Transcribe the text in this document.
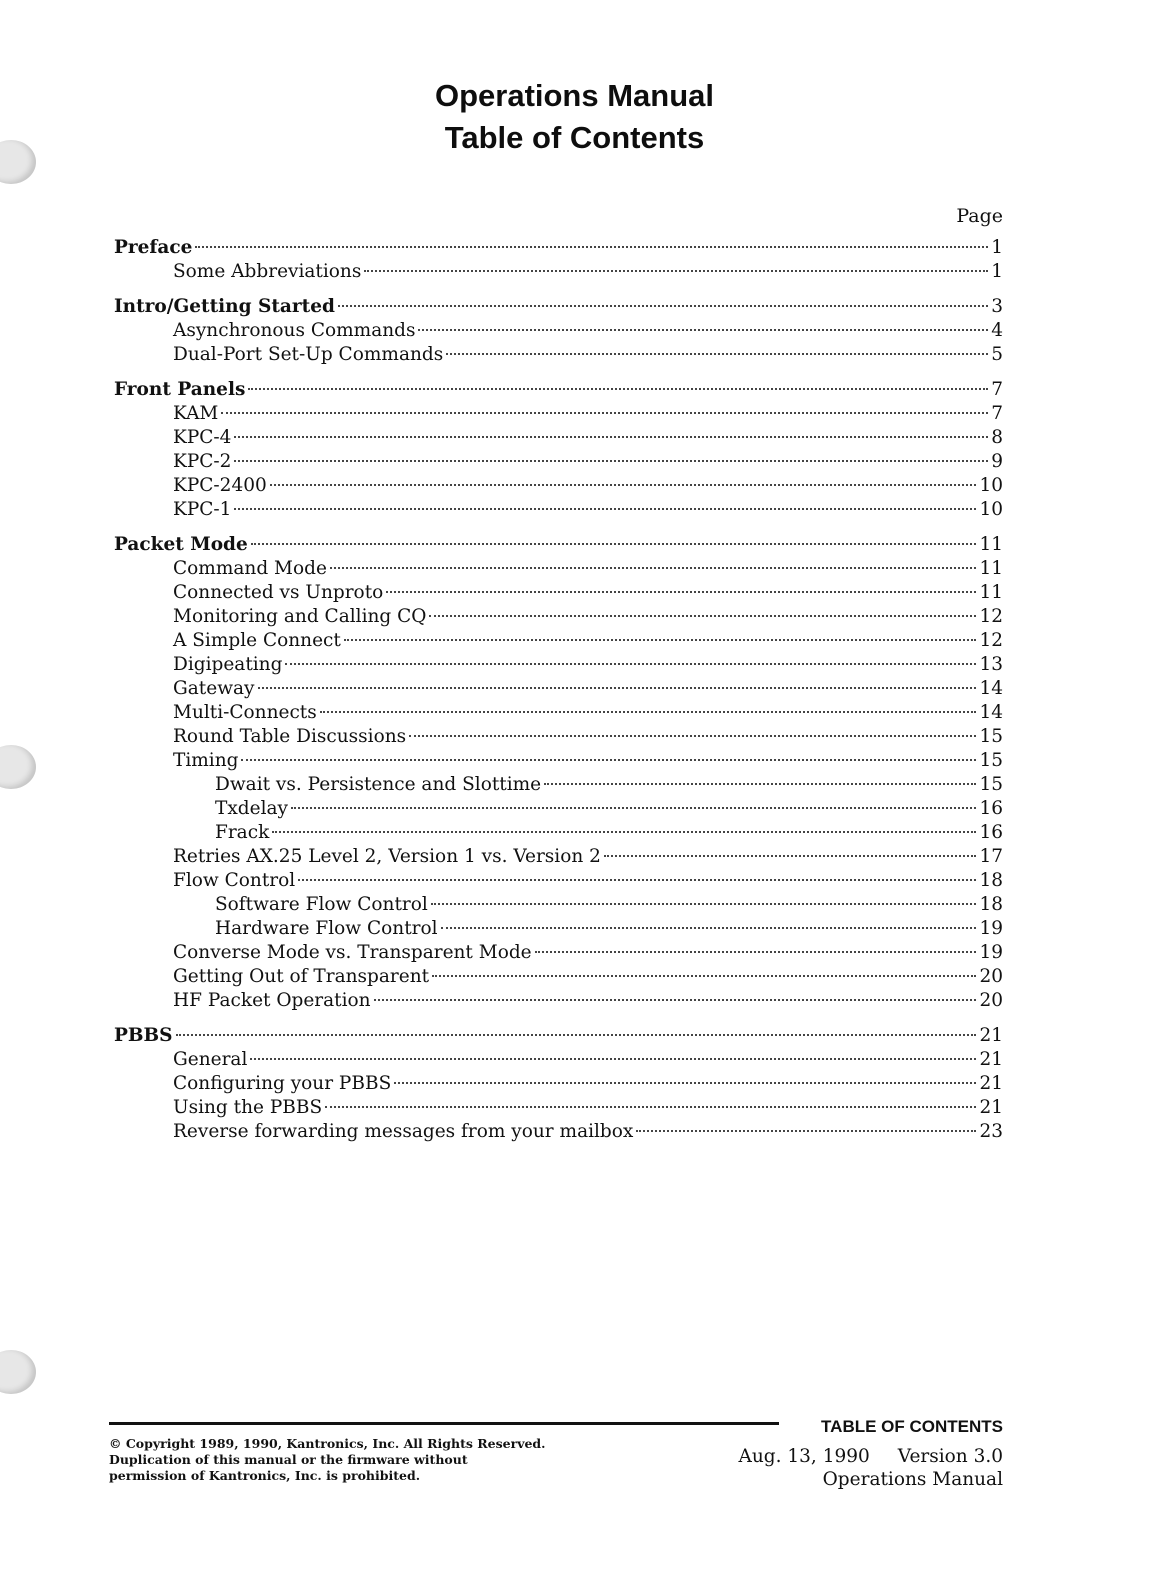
Operations Manual
Table of Contents
Page
Preface	1
Some Abbreviations	1
Intro/Getting Started	3
Asynchronous Commands	4
Dual-Port Set-Up Commands	5
Front Panels	7
KAM	7
KPC-4	8
KPC-2	9
KPC-2400	10
KPC-1	10
Packet Mode	11
Command Mode	11
Connected vs Unproto	11
Monitoring and Calling CQ	12
A Simple Connect	12
Digipeating	13
Gateway	14
Multi-Connects	14
Round Table Discussions	15
Timing	15
Dwait vs. Persistence and Slottime	15
Txdelay	16
Frack	16
Retries AX.25 Level 2, Version 1 vs. Version 2	17
Flow Control	18
Software Flow Control	18
Hardware Flow Control	19
Converse Mode vs. Transparent Mode	19
Getting Out of Transparent	20
HF Packet Operation	20
PBBS	21
General	21
Configuring your PBBS	21
Using the PBBS	21
Reverse forwarding messages from your mailbox	23
TABLE OF CONTENTS
© Copyright 1989, 1990, Kantronics, Inc. All Rights Reserved.
Duplication of this manual or the firmware without
permission of Kantronics, Inc. is prohibited.
Aug. 13, 1990 Version 3.0
Operations Manual
